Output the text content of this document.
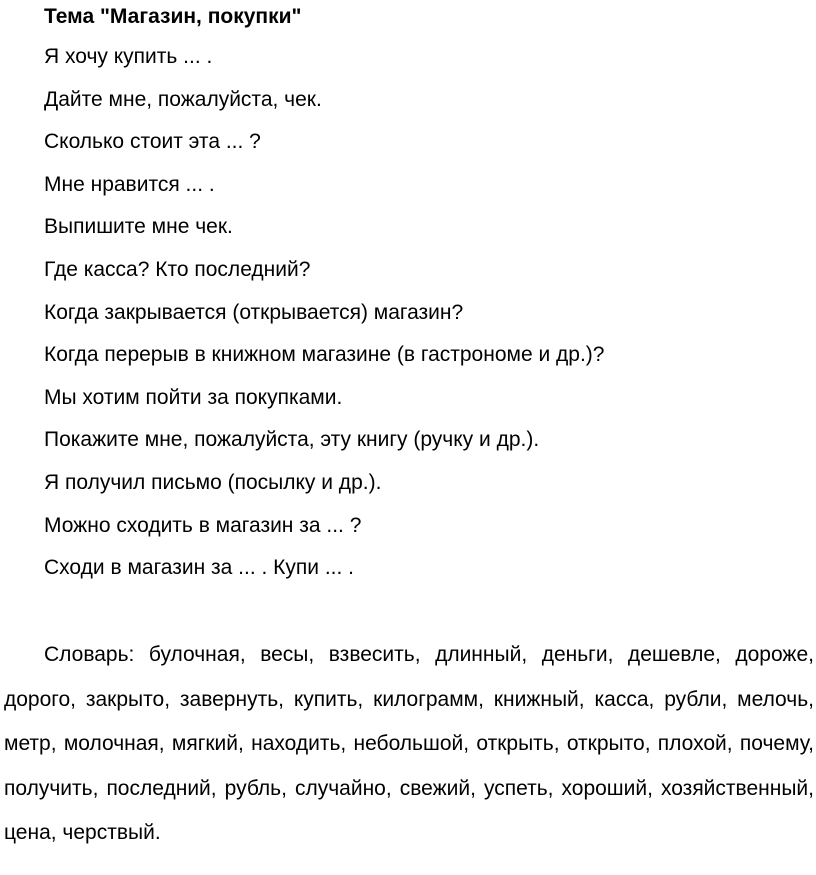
Тема "Магазин, покупки"
Я хочу купить ... .
Дайте мне, пожалуйста, чек.
Сколько стоит эта ... ?
Мне нравится ... .
Выпишите мне чек.
Где касса? Кто последний?
Когда закрывается (открывается) магазин?
Когда перерыв в книжном магазине (в гастрономе и др.)?
Мы хотим пойти за покупками.
Покажите мне, пожалуйста, эту книгу (ручку и др.).
Я получил письмо (посылку и др.).
Можно сходить в магазин за ... ?
Сходи в магазин за ... . Купи ... .

Словарь: булочная, весы, взвесить, длинный, деньги, дешевле, дороже, дорого, закрыто, завернуть, купить, килограмм, книжный, касса, рубли, мелочь, метр, молочная, мягкий, находить, небольшой, открыть, открыто, плохой, почему, получить, последний, рубль, случайно, свежий, успеть, хороший, хозяйственный, цена, черствый.
